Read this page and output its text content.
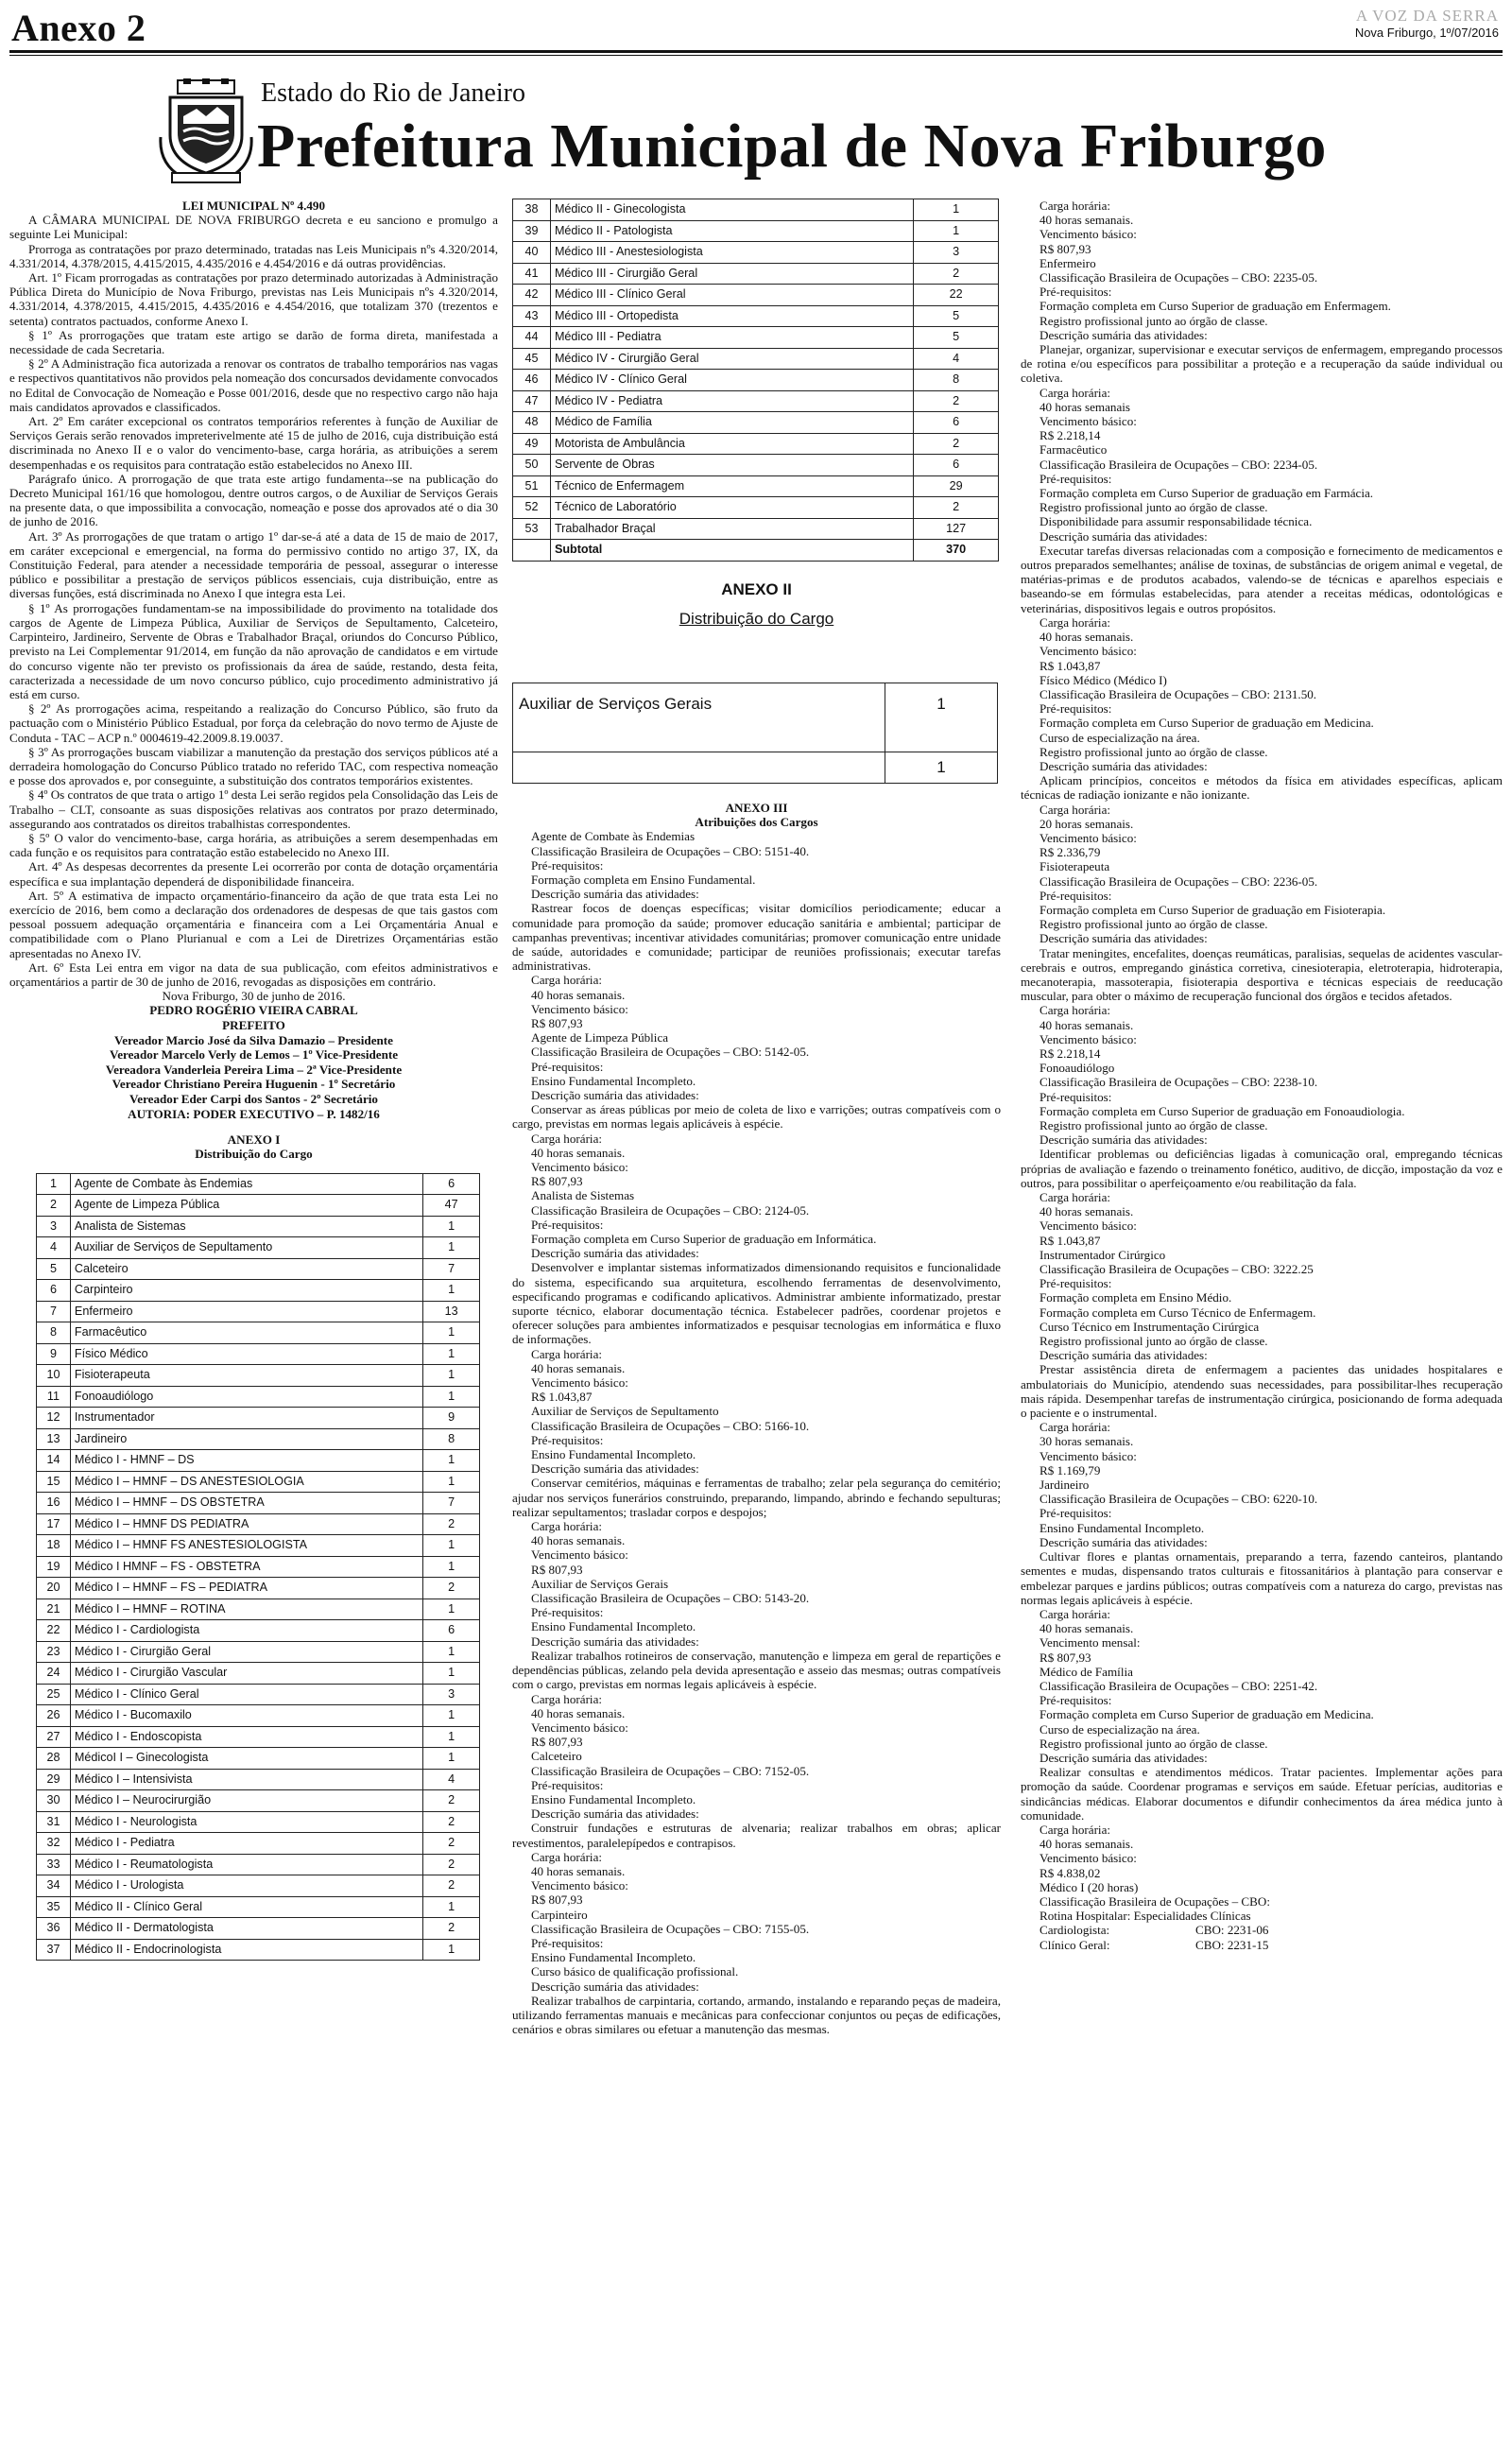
Anexo 2	A VOZ DA SERRA
Nova Friburgo, 1º/07/2016
Estado do Rio de Janeiro
Prefeitura Municipal de Nova Friburgo

LEI MUNICIPAL Nº 4.490

A CÂMARA MUNICIPAL DE NOVA FRIBURGO decreta e eu sanciono e promulgo a seguinte Lei Municipal:

Prorroga as contratações por prazo determinado, tratadas nas Leis Municipais nºs 4.320/2014, 4.331/2014, 4.378/2015, 4.415/2015, 4.435/2016 e 4.454/2016 e dá outras providências.

Art. 1º Ficam prorrogadas as contratações por prazo determinado autorizadas à Administração Pública Direta do Município de Nova Friburgo, previstas nas Leis Municipais nºs 4.320/2014, 4.331/2014, 4.378/2015, 4.415/2015, 4.435/2016 e 4.454/2016, que totalizam 370 (trezentos e setenta) contratos pactuados, conforme Anexo I.

§ 1º As prorrogações que tratam este artigo se darão de forma direta, manifestada a necessidade de cada Secretaria.

§ 2º A Administração fica autorizada a renovar os contratos de trabalho temporários nas vagas e respectivos quantitativos não providos pela nomeação dos concursados devidamente convocados no Edital de Convocação de Nomeação e Posse 001/2016, desde que no respectivo cargo não haja mais candidatos aprovados e classificados.

Art. 2º Em caráter excepcional os contratos temporários referentes à função de Auxiliar de Serviços Gerais serão renovados impreterivelmente até 15 de julho de 2016, cuja distribuição está discriminada no Anexo II e o valor do vencimento-base, carga horária, as atribuições a serem desempenhadas e os requisitos para contratação estão estabelecidos no Anexo III.

Parágrafo único. A prorrogação de que trata este artigo fundamenta--se na publicação do Decreto Municipal 161/16 que homologou, dentre outros cargos, o de Auxiliar de Serviços Gerais na presente data, o que impossibilita a convocação, nomeação e posse dos aprovados até o dia 30 de junho de 2016.

Art. 3º As prorrogações de que tratam o artigo 1º dar-se-á até a data de 15 de maio de 2017, em caráter excepcional e emergencial, na forma do permissivo contido no artigo 37, IX, da Constituição Federal, para atender a necessidade temporária de pessoal, assegurar o interesse público e possibilitar a prestação de serviços públicos essenciais, cuja distribuição, entre as diversas funções, está discriminada no Anexo I que integra esta Lei.

§ 1º As prorrogações fundamentam-se na impossibilidade do provimento na totalidade dos cargos de Agente de Limpeza Pública, Auxiliar de Serviços de Sepultamento, Calceteiro, Carpinteiro, Jardineiro, Servente de Obras e Trabalhador Braçal, oriundos do Concurso Público, previsto na Lei Complementar 91/2014, em função da não aprovação de candidatos e em virtude do concurso vigente não ter previsto os profissionais da área de saúde, restando, desta feita, caracterizada a necessidade de um novo concurso público, cujo procedimento administrativo já está em curso.

§ 2º As prorrogações acima, respeitando a realização do Concurso Público, são fruto da pactuação com o Ministério Público Estadual, por força da celebração do novo termo de Ajuste de Conduta - TAC – ACP n.º 0004619-42.2009.8.19.0037.

§ 3º As prorrogações buscam viabilizar a manutenção da prestação dos serviços públicos até a derradeira homologação do Concurso Público tratado no referido TAC, com respectiva nomeação e posse dos aprovados e, por conseguinte, a substituição dos contratos temporários existentes.

§ 4º Os contratos de que trata o artigo 1º desta Lei serão regidos pela Consolidação das Leis de Trabalho – CLT, consoante as suas disposições relativas aos contratos por prazo determinado, assegurando aos contratados os direitos trabalhistas correspondentes.

§ 5º O valor do vencimento-base, carga horária, as atribuições a serem desempenhadas em cada função e os requisitos para contratação estão estabelecido no Anexo III.

Art. 4º As despesas decorrentes da presente Lei ocorrerão por conta de dotação orçamentária específica e sua implantação dependerá de disponibilidade financeira.

Art. 5º A estimativa de impacto orçamentário-financeiro da ação de que trata esta Lei no exercício de 2016, bem como a declaração dos ordenadores de despesas de que tais gastos com pessoal possuem adequação orçamentária e financeira com a Lei Orçamentária Anual e compatibilidade com o Plano Plurianual e com a Lei de Diretrizes Orçamentárias estão apresentadas no Anexo IV.

Art. 6º Esta Lei entra em vigor na data de sua publicação, com efeitos administrativos e orçamentários a partir de 30 de junho de 2016, revogadas as disposições em contrário.

Nova Friburgo, 30 de junho de 2016.

PEDRO ROGÉRIO VIEIRA CABRAL
PREFEITO
Vereador Marcio José da Silva Damazio – Presidente
Vereador Marcelo Verly de Lemos – 1º Vice-Presidente
Vereadora Vanderleia Pereira Lima – 2ª Vice-Presidente
Vereador Christiano Pereira Huguenin - 1º Secretário
Vereador Eder Carpi dos Santos - 2º Secretário
AUTORIA: PODER EXECUTIVO – P. 1482/16

ANEXO I

Distribuição do Cargo

1	Agente de Combate às Endemias	6
2	Agente de Limpeza Pública	47
3	Analista de Sistemas	1
4	Auxiliar de Serviços de Sepultamento	1
5	Calceteiro	7
6	Carpinteiro	1
7	Enfermeiro	13
8	Farmacêutico	1
9	Físico Médico	1
10	Fisioterapeuta	1
11	Fonoaudiólogo	1
12	Instrumentador	9
13	Jardineiro	8
14	Médico I - HMNF – DS	1
15	Médico I – HMNF – DS ANESTESIOLOGIA	1
16	Médico I – HMNF – DS OBSTETRA	7
17	Médico I – HMNF DS PEDIATRA	2
18	Médico I – HMNF FS ANESTESIOLOGISTA	1
19	Médico I HMNF – FS - OBSTETRA	1
20	Médico I – HMNF – FS – PEDIATRA	2
21	Médico I – HMNF – ROTINA	1
22	Médico I - Cardiologista	6
23	Médico I - Cirurgião Geral	1
24	Médico I - Cirurgião Vascular	1
25	Médico I - Clínico Geral	3
26	Médico I - Bucomaxilo	1
27	Médico I - Endoscopista	1
28	MédicoI I – Ginecologista	1
29	Médico I – Intensivista	4
30	Médico I – Neurocirurgião	2
31	Médico I - Neurologista	2
32	Médico I - Pediatra	2
33	Médico I - Reumatologista	2
34	Médico I - Urologista	2
35	Médico II - Clínico Geral	1
36	Médico II - Dermatologista	2
37	Médico II - Endocrinologista	1
38	Médico II - Ginecologista	1
39	Médico II - Patologista	1
40	Médico III - Anestesiologista	3
41	Médico III - Cirurgião Geral	2
42	Médico III - Clínico Geral	22
43	Médico III - Ortopedista	5
44	Médico III - Pediatra	5
45	Médico IV - Cirurgião Geral	4
46	Médico IV - Clínico Geral	8
47	Médico IV - Pediatra	2
48	Médico de Família	6
49	Motorista de Ambulância	2
50	Servente de Obras	6
51	Técnico de Enfermagem	29
52	Técnico de Laboratório	2
53	Trabalhador Braçal	127
	Subtotal	370
ANEXO II
Distribuição do Cargo
Auxiliar de Serviços Gerais	1
	1

ANEXO III

Atribuições dos Cargos

Agente de Combate às Endemias

Classificação Brasileira de Ocupações – CBO: 5151-40.

Pré-requisitos:

Formação completa em Ensino Fundamental.

Descrição sumária das atividades:

Rastrear focos de doenças específicas; visitar domicílios periodicamente; educar a comunidade para promoção da saúde; promover educação sanitária e ambiental; participar de campanhas preventivas; incentivar atividades comunitárias; promover comunicação entre unidade de saúde, autoridades e comunidade; participar de reuniões profissionais; executar tarefas administrativas.

Carga horária:

40 horas semanais.

Vencimento básico:

R$ 807,93

Agente de Limpeza Pública

Classificação Brasileira de Ocupações – CBO: 5142-05.

Pré-requisitos:

Ensino Fundamental Incompleto.

Descrição sumária das atividades:

Conservar as áreas públicas por meio de coleta de lixo e varrições; outras compatíveis com o cargo, previstas em normas legais aplicáveis à espécie.

Carga horária:

40 horas semanais.

Vencimento básico:

R$ 807,93

Analista de Sistemas

Classificação Brasileira de Ocupações – CBO: 2124-05.

Pré-requisitos:

Formação completa em Curso Superior de graduação em Informática.

Descrição sumária das atividades:

Desenvolver e implantar sistemas informatizados dimensionando requisitos e funcionalidade do sistema, especificando sua arquitetura, escolhendo ferramentas de desenvolvimento, especificando programas e codificando aplicativos. Administrar ambiente informatizado, prestar suporte técnico, elaborar documentação técnica. Estabelecer padrões, coordenar projetos e oferecer soluções para ambientes informatizados e pesquisar tecnologias em informática e fluxo de informações.

Carga horária:

40 horas semanais.

Vencimento básico:

R$ 1.043,87

Auxiliar de Serviços de Sepultamento

Classificação Brasileira de Ocupações – CBO: 5166-10.

Pré-requisitos:

Ensino Fundamental Incompleto.

Descrição sumária das atividades:

Conservar cemitérios, máquinas e ferramentas de trabalho; zelar pela segurança do cemitério; ajudar nos serviços funerários construindo, preparando, limpando, abrindo e fechando sepulturas; realizar sepultamentos; trasladar corpos e despojos;

Carga horária:

40 horas semanais.

Vencimento básico:

R$ 807,93

Auxiliar de Serviços Gerais

Classificação Brasileira de Ocupações – CBO: 5143-20.

Pré-requisitos:

Ensino Fundamental Incompleto.

Descrição sumária das atividades:

Realizar trabalhos rotineiros de conservação, manutenção e limpeza em geral de repartições e dependências públicas, zelando pela devida apresentação e asseio das mesmas; outras compatíveis com o cargo, previstas em normas legais aplicáveis à espécie.

Carga horária:

40 horas semanais.

Vencimento básico:

R$ 807,93

Calceteiro

Classificação Brasileira de Ocupações – CBO: 7152-05.

Pré-requisitos:

Ensino Fundamental Incompleto.

Descrição sumária das atividades:

Construir fundações e estruturas de alvenaria; realizar trabalhos em obras; aplicar revestimentos, paralelepípedos e contrapisos.

Carga horária:

40 horas semanais.

Vencimento básico:

R$ 807,93

Carpinteiro

Classificação Brasileira de Ocupações – CBO: 7155-05.

Pré-requisitos:

Ensino Fundamental Incompleto.

Curso básico de qualificação profissional.

Descrição sumária das atividades:

Realizar trabalhos de carpintaria, cortando, armando, instalando e reparando peças de madeira, utilizando ferramentas manuais e mecânicas para confeccionar conjuntos ou peças de edificações, cenários e obras similares ou efetuar a manutenção das mesmas.

Carga horária:

40 horas semanais.

Vencimento básico:

R$ 807,93

Enfermeiro

Classificação Brasileira de Ocupações – CBO: 2235-05.

Pré-requisitos:

Formação completa em Curso Superior de graduação em Enfermagem.

Registro profissional junto ao órgão de classe.

Descrição sumária das atividades:

Planejar, organizar, supervisionar e executar serviços de enfermagem, empregando processos de rotina e/ou específicos para possibilitar a proteção e a recuperação da saúde individual ou coletiva.

Carga horária:

40 horas semanais

Vencimento básico:

R$ 2.218,14

Farmacêutico

Classificação Brasileira de Ocupações – CBO: 2234-05.

Pré-requisitos:

Formação completa em Curso Superior de graduação em Farmácia.

Registro profissional junto ao órgão de classe.

Disponibilidade para assumir responsabilidade técnica.

Descrição sumária das atividades:

Executar tarefas diversas relacionadas com a composição e fornecimento de medicamentos e outros preparados semelhantes; análise de toxinas, de substâncias de origem animal e vegetal, de matérias-primas e de produtos acabados, valendo-se de técnicas e aparelhos especiais e baseando-se em fórmulas estabelecidas, para atender a receitas médicas, odontológicas e veterinárias, dispositivos legais e outros propósitos.

Carga horária:

40 horas semanais.

Vencimento básico:

R$ 1.043,87

Físico Médico (Médico I)

Classificação Brasileira de Ocupações – CBO: 2131.50.

Pré-requisitos:

Formação completa em Curso Superior de graduação em Medicina.

Curso de especialização na área.

Registro profissional junto ao órgão de classe.

Descrição sumária das atividades:

Aplicam princípios, conceitos e métodos da física em atividades específicas, aplicam técnicas de radiação ionizante e não ionizante.

Carga horária:

20 horas semanais.

Vencimento básico:

R$ 2.336,79

Fisioterapeuta

Classificação Brasileira de Ocupações – CBO: 2236-05.

Pré-requisitos:

Formação completa em Curso Superior de graduação em Fisioterapia.

Registro profissional junto ao órgão de classe.

Descrição sumária das atividades:

Tratar meningites, encefalites, doenças reumáticas, paralisias, sequelas de acidentes vascular-cerebrais e outros, empregando ginástica corretiva, cinesioterapia, eletroterapia, hidroterapia, mecanoterapia, massoterapia, fisioterapia desportiva e técnicas especiais de reeducação muscular, para obter o máximo de recuperação funcional dos órgãos e tecidos afetados.

Carga horária:

40 horas semanais.

Vencimento básico:

R$ 2.218,14

Fonoaudiólogo

Classificação Brasileira de Ocupações – CBO: 2238-10.

Pré-requisitos:

Formação completa em Curso Superior de graduação em Fonoaudiologia.

Registro profissional junto ao órgão de classe.

Descrição sumária das atividades:

Identificar problemas ou deficiências ligadas à comunicação oral, empregando técnicas próprias de avaliação e fazendo o treinamento fonético, auditivo, de dicção, impostação da voz e outros, para possibilitar o aperfeiçoamento e/ou reabilitação da fala.

Carga horária:

40 horas semanais.

Vencimento básico:

R$ 1.043,87

Instrumentador Cirúrgico

Classificação Brasileira de Ocupações – CBO: 3222.25

Pré-requisitos:

Formação completa em Ensino Médio.

Formação completa em Curso Técnico de Enfermagem.

Curso Técnico em Instrumentação Cirúrgica

Registro profissional junto ao órgão de classe.

Descrição sumária das atividades:

Prestar assistência direta de enfermagem a pacientes das unidades hospitalares e ambulatoriais do Município, atendendo suas necessidades, para possibilitar-lhes recuperação mais rápida. Desempenhar tarefas de instrumentação cirúrgica, posicionando de forma adequada o paciente e o instrumental.

Carga horária:

30 horas semanais.

Vencimento básico:

R$ 1.169,79

Jardineiro

Classificação Brasileira de Ocupações – CBO: 6220-10.

Pré-requisitos:

Ensino Fundamental Incompleto.

Descrição sumária das atividades:

Cultivar flores e plantas ornamentais, preparando a terra, fazendo canteiros, plantando sementes e mudas, dispensando tratos culturais e fitossanitários à plantação para conservar e embelezar parques e jardins públicos; outras compatíveis com a natureza do cargo, previstas nas normas legais aplicáveis à espécie.

Carga horária:

40 horas semanais.

Vencimento mensal:

R$ 807,93

Médico de Família

Classificação Brasileira de Ocupações – CBO: 2251-42.

Pré-requisitos:

Formação completa em Curso Superior de graduação em Medicina.

Curso de especialização na área.

Registro profissional junto ao órgão de classe.

Descrição sumária das atividades:

Realizar consultas e atendimentos médicos. Tratar pacientes. Implementar ações para promoção da saúde. Coordenar programas e serviços em saúde. Efetuar perícias, auditorias e sindicâncias médicas. Elaborar documentos e difundir conhecimentos da área médica junto à comunidade.

Carga horária:

40 horas semanais.

Vencimento básico:

R$ 4.838,02

Médico I (20 horas)

Classificação Brasileira de Ocupações – CBO:

Rotina Hospitalar: Especialidades Clínicas

Cardiologista:	CBO: 2231-06
Clínico Geral:	CBO: 2231-15
